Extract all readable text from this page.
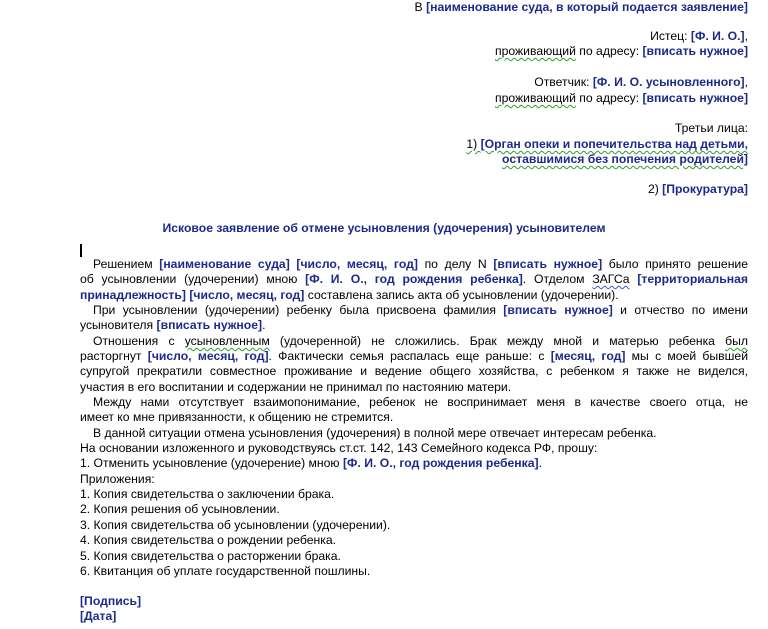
В [наименование суда, в который подается заявление]
Истец: [Ф. И. О.],
проживающий по адресу: [вписать нужное]
Ответчик: [Ф. И. О. усыновленного],
проживающий по адресу: [вписать нужное]
Третьи лица:
1) [Орган опеки и попечительства над детьми,
оставшимися без попечения родителей]
2) [Прокуратура]
Исковое заявление об отмене усыновления (удочерения) усыновителем
Решением [наименование суда] [число, месяц, год] по делу N [вписать нужное] было принято решение
об усыновлении (удочерении) мною [Ф. И. О., год рождения ребенка]. Отделом ЗАГСа [территориальная
принадлежность] [число, месяц, год] составлена запись акта об усыновлении (удочерении).
При усыновлении (удочерении) ребенку была присвоена фамилия [вписать нужное] и отчество по имени
усыновителя [вписать нужное].
Отношения с усыновленным (удочеренной) не сложились. Брак между мной и матерью ребенка был
расторгнут [число, месяц, год]. Фактически семья распалась еще раньше: с [месяц, год] мы с моей бывшей
супругой прекратили совместное проживание и ведение общего хозяйства, с ребенком я также не виделся,
участия в его воспитании и содержании не принимал по настоянию матери.
Между нами отсутствует взаимопонимание, ребенок не воспринимает меня в качестве своего отца, не
имеет ко мне привязанности, к общению не стремится.
В данной ситуации отмена усыновления (удочерения) в полной мере отвечает интересам ребенка.
На основании изложенного и руководствуясь ст.ст. 142, 143 Семейного кодекса РФ, прошу:
1. Отменить усыновление (удочерение) мною [Ф. И. О., год рождения ребенка].
Приложения:
1. Копия свидетельства о заключении брака.
2. Копия решения об усыновлении.
3. Копия свидетельства об усыновлении (удочерении).
4. Копия свидетельства о рождении ребенка.
5. Копия свидетельства о расторжении брака.
6. Квитанция об уплате государственной пошлины.
[Подпись]
[Дата]
